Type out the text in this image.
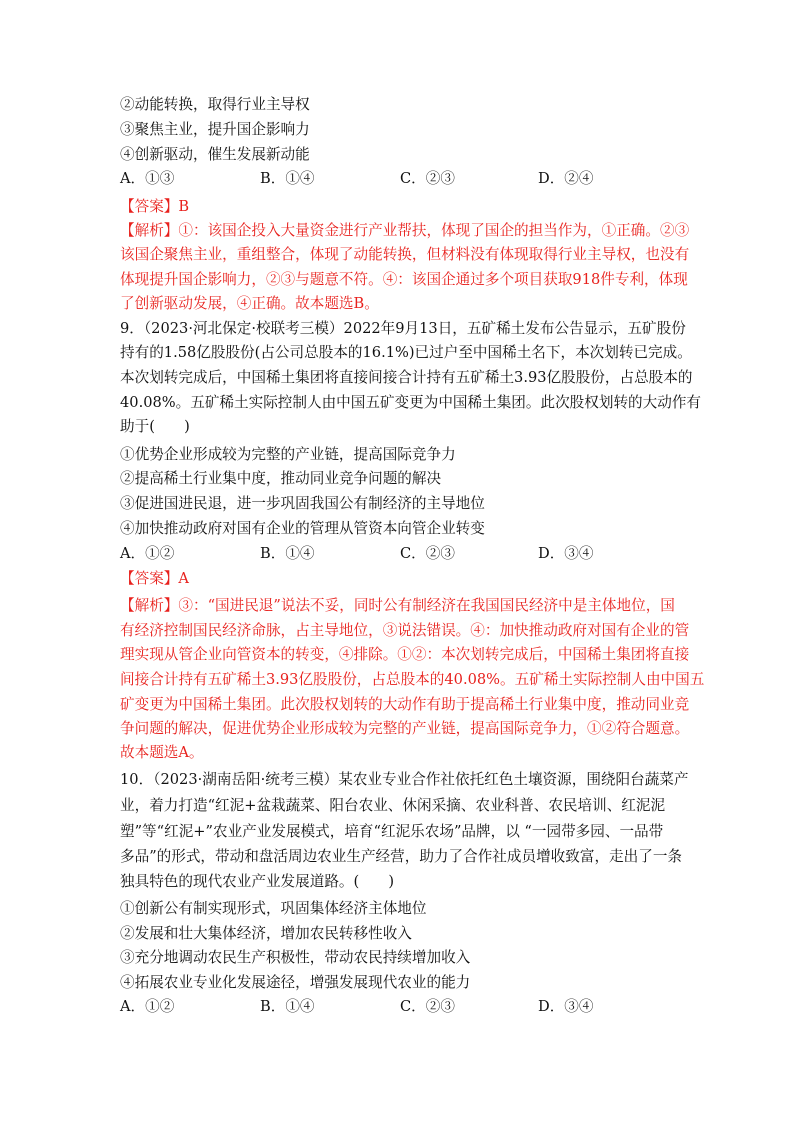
②动能转换，取得行业主导权
③聚焦主业，提升国企影响力
④创新驱动，催生发展新动能
A．①③	B．①④	C．②③	D．②④
【答案】B
【解析】①：该国企投入大量资金进行产业帮扶，体现了国企的担当作为，①正确。②③
该国企聚焦主业，重组整合，体现了动能转换，但材料没有体现取得行业主导权，也没有
体现提升国企影响力，②③与题意不符。④：该国企通过多个项目获取918件专利，体现
了创新驱动发展，④正确。故本题选B。
9．（2023·河北保定·校联考三模）2022年9月13日，五矿稀土发布公告显示，五矿股份
持有的1.58亿股股份(占公司总股本的16.1%)已过户至中国稀土名下，本次划转已完成。
本次划转完成后，中国稀土集团将直接间接合计持有五矿稀土3.93亿股股份，占总股本的
40.08%。五矿稀土实际控制人由中国五矿变更为中国稀土集团。此次股权划转的大动作有
助于(　　)
①优势企业形成较为完整的产业链，提高国际竞争力
②提高稀土行业集中度，推动同业竞争问题的解决
③促进国进民退，进一步巩固我国公有制经济的主导地位
④加快推动政府对国有企业的管理从管资本向管企业转变
A．①②	B．①④	C．②③	D．③④
【答案】A
【解析】③：“国进民退”说法不妥，同时公有制经济在我国国民经济中是主体地位，国
有经济控制国民经济命脉，占主导地位，③说法错误。④：加快推动政府对国有企业的管
理实现从管企业向管资本的转变，④排除。①②：本次划转完成后，中国稀土集团将直接
间接合计持有五矿稀土3.93亿股股份，占总股本的40.08%。五矿稀土实际控制人由中国五
矿变更为中国稀土集团。此次股权划转的大动作有助于提高稀土行业集中度，推动同业竞
争问题的解决，促进优势企业形成较为完整的产业链，提高国际竞争力，①②符合题意。
故本题选A。
10．（2023·湖南岳阳·统考三模）某农业专业合作社依托红色土壤资源，围绕阳台蔬菜产
业，着力打造“红泥+盆栽蔬菜、阳台农业、休闲采摘、农业科普、农民培训、红泥泥
塑”等“红泥+”农业产业发展模式，培育“红泥乐农场”品牌，以 “一园带多园、一品带
多品”的形式，带动和盘活周边农业生产经营，助力了合作社成员增收致富，走出了一条
独具特色的现代农业产业发展道路。(　　)
①创新公有制实现形式，巩固集体经济主体地位
②发展和壮大集体经济，增加农民转移性收入
③充分地调动农民生产积极性，带动农民持续增加收入
④拓展农业专业化发展途径，增强发展现代农业的能力
A．①②	B．①④	C．②③	D．③④
